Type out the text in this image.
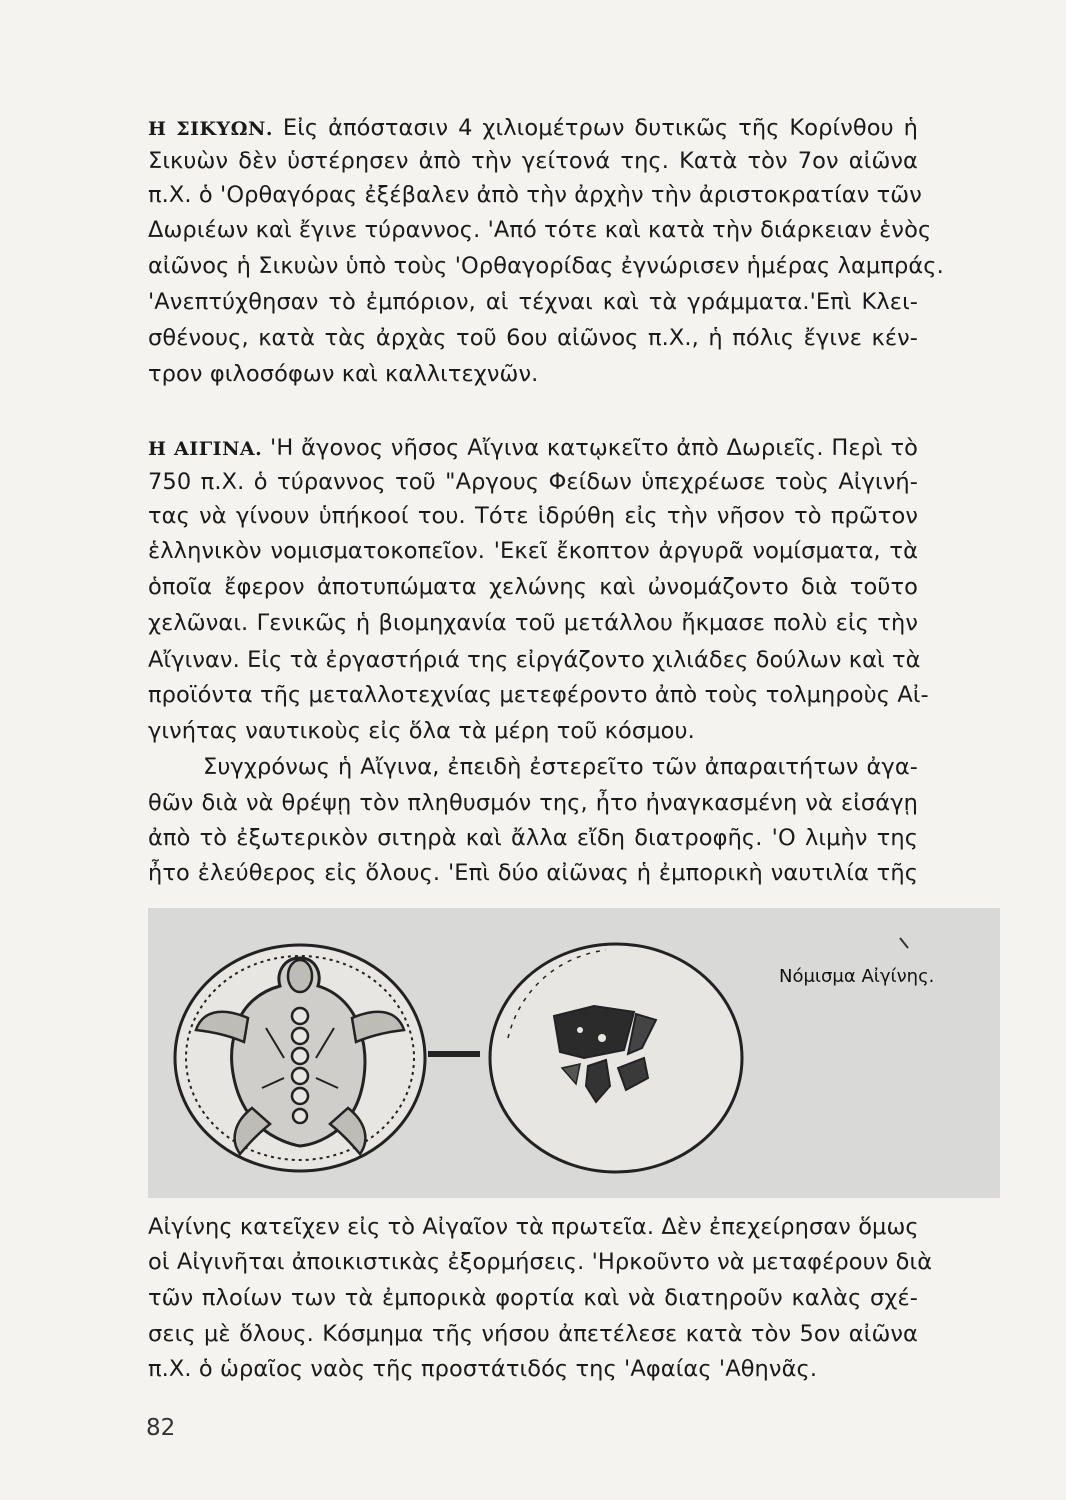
Η ΣΙΚΥΩΝ. Εἰς ἀπόστασιν 4 χιλιομέτρων δυτικῶς τῆς Κορίνθου ἡ
Σικυὼν δὲν ὑστέρησεν ἀπὸ τὴν γείτονά της. Κατὰ τὸν 7ον αἰῶνα
π.Χ. ὁ 'Ορθαγόρας ἐξέβαλεν ἀπὸ τὴν ἀρχὴν τὴν ἀριστοκρατίαν τῶν
Δωριέων καὶ ἔγινε τύραννος. 'Από τότε καὶ κατὰ τὴν διάρκειαν ἑνὸς
αἰῶνος ἡ Σικυὼν ὑπὸ τοὺς 'Ορθαγορίδας ἐγνώρισεν ἡμέρας λαμπράς.
'Ανεπτύχθησαν τὸ ἐμπόριον, αἱ τέχναι καὶ τὰ γράμματα.'Επὶ Κλει-
σθένους, κατὰ τὰς ἀρχὰς τοῦ 6ου αἰῶνος π.Χ., ἡ πόλις ἔγινε κέν-
τρον φιλοσόφων καὶ καλλιτεχνῶν.
Η ΑΙΓΙΝΑ. 'Η ἄγονος νῆσος Αἴγινα κατῳκεῖτο ἀπὸ Δωριεῖς. Περὶ τὸ
750 π.Χ. ὁ τύραννος τοῦ "Αργους Φείδων ὑπεχρέωσε τοὺς Αἰγινή-
τας νὰ γίνουν ὑπήκοοί του. Τότε ἱδρύθη εἰς τὴν νῆσον τὸ πρῶτον
ἑλληνικὸν νομισματοκοπεῖον. 'Εκεῖ ἔκοπτον ἀργυρᾶ νομίσματα, τὰ
ὁποῖα ἔφερον ἀποτυπώματα χελώνης καὶ ὠνομάζοντο διὰ τοῦτο
χελῶναι. Γενικῶς ἡ βιομηχανία τοῦ μετάλλου ἤκμασε πολὺ εἰς τὴν
Αἴγιναν. Εἰς τὰ ἐργαστήριά της εἰργάζοντο χιλιάδες δούλων καὶ τὰ
προϊόντα τῆς μεταλλοτεχνίας μετεφέροντο ἀπὸ τοὺς τολμηροὺς Αἰ-
γινήτας ναυτικοὺς εἰς ὅλα τὰ μέρη τοῦ κόσμου.
Συγχρόνως ἡ Αἴγινα, ἐπειδὴ ἐστερεῖτο τῶν ἀπαραιτήτων ἀγα-
θῶν διὰ νὰ θρέψῃ τὸν πληθυσμόν της, ἦτο ἠναγκασμένη νὰ εἰσάγῃ
ἀπὸ τὸ ἐξωτερικὸν σιτηρὰ καὶ ἄλλα εἴδη διατροφῆς. 'Ο λιμὴν της
ἦτο ἐλεύθερος εἰς ὅλους. 'Επὶ δύο αἰῶνας ἡ ἐμπορικὴ ναυτιλία τῆς
Νόμισμα Αἰγίνης.
Αἰγίνης κατεῖχεν εἰς τὸ Αἰγαῖον τὰ πρωτεῖα. Δὲν ἐπεχείρησαν ὅμως
οἱ Αἰγινῆται ἀποικιστικὰς ἐξορμήσεις. 'Ηρκοῦντο νὰ μεταφέρουν διὰ
τῶν πλοίων των τὰ ἐμπορικὰ φορτία καὶ νὰ διατηροῦν καλὰς σχέ-
σεις μὲ ὅλους. Κόσμημα τῆς νήσου ἀπετέλεσε κατὰ τὸν 5ον αἰῶνα
π.Χ. ὁ ὡραῖος ναὸς τῆς προστάτιδός της 'Αφαίας 'Αθηνᾶς.
82
